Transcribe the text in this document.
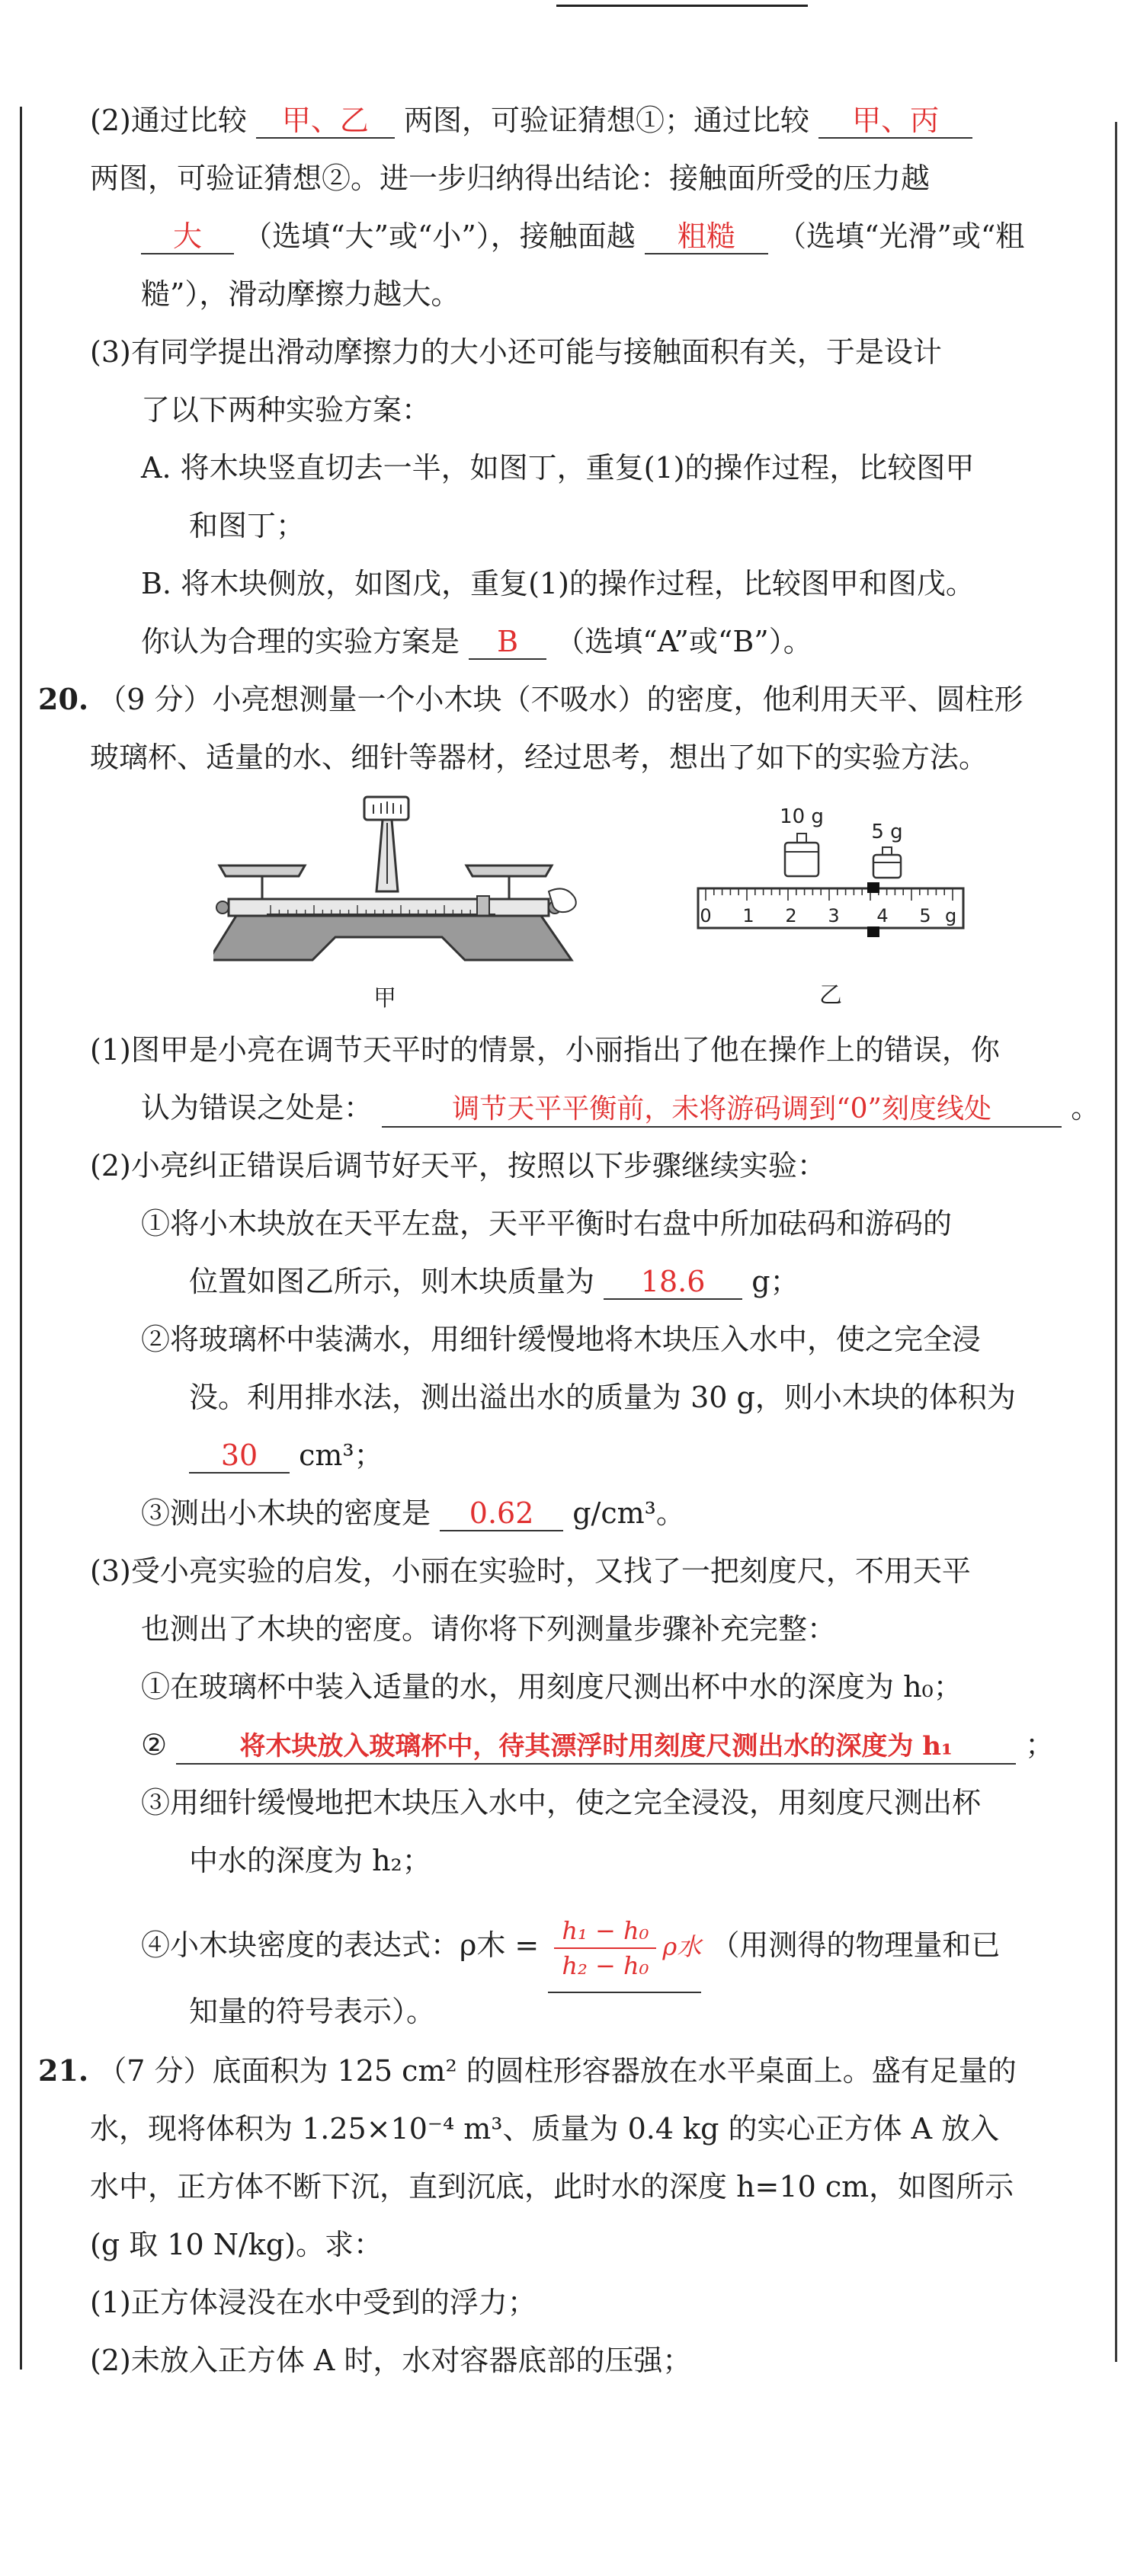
(2)通过比较 甲、乙 两图，可验证猜想①；通过比较 甲、丙
两图，可验证猜想②。进一步归纳得出结论：接触面所受的压力越
大 （选填“大”或“小”），接触面越 粗糙 （选填“光滑”或“粗
糙”），滑动摩擦力越大。
(3)有同学提出滑动摩擦力的大小还可能与接触面积有关，于是设计
了以下两种实验方案：
A. 将木块竖直切去一半，如图丁，重复(1)的操作过程，比较图甲
和图丁；
B. 将木块侧放，如图戊，重复(1)的操作过程，比较图甲和图戊。
你认为合理的实验方案是 B （选填“A”或“B”）。
20. （9 分）小亮想测量一个小木块（不吸水）的密度，他利用天平、圆柱形
玻璃杯、适量的水、细针等器材，经过思考，想出了如下的实验方法。
甲
10 g
5 g
0 1 2 3 4 5 g
乙
(1)图甲是小亮在调节天平时的情景，小丽指出了他在操作上的错误，你
认为错误之处是：	调节天平平衡前，未将游码调到“0”刻度线处	。
(2)小亮纠正错误后调节好天平，按照以下步骤继续实验：
①将小木块放在天平左盘，天平平衡时右盘中所加砝码和游码的
位置如图乙所示，则木块质量为 18.6 g；
②将玻璃杯中装满水，用细针缓慢地将木块压入水中，使之完全浸
没。利用排水法，测出溢出水的质量为 30 g，则小木块的体积为
30 cm³；
③测出小木块的密度是 0.62 g/cm³。
(3)受小亮实验的启发，小丽在实验时，又找了一把刻度尺，不用天平
也测出了木块的密度。请你将下列测量步骤补充完整：
①在玻璃杯中装入适量的水，用刻度尺测出杯中水的深度为 h₀；
②	将木块放入玻璃杯中，待其漂浮时用刻度尺测出水的深度为 h₁	；
③用细针缓慢地把木块压入水中，使之完全浸没，用刻度尺测出杯
中水的深度为 h₂；
④小木块密度的表达式：ρ木 = $\frac{\text{h₁ − h₀}}{\text{h₂ − h₀}}$ ρ水 （用测得的物理量和已
知量的符号表示）。
21. （7 分）底面积为 125 cm² 的圆柱形容器放在水平桌面上。盛有足量的
水，现将体积为 1.25×10⁻⁴ m³、质量为 0.4 kg 的实心正方体 A 放入
水中，正方体不断下沉，直到沉底，此时水的深度 h=10 cm，如图所示
(g 取 10 N/kg)。求：
(1)正方体浸没在水中受到的浮力；
(2)未放入正方体 A 时，水对容器底部的压强；
